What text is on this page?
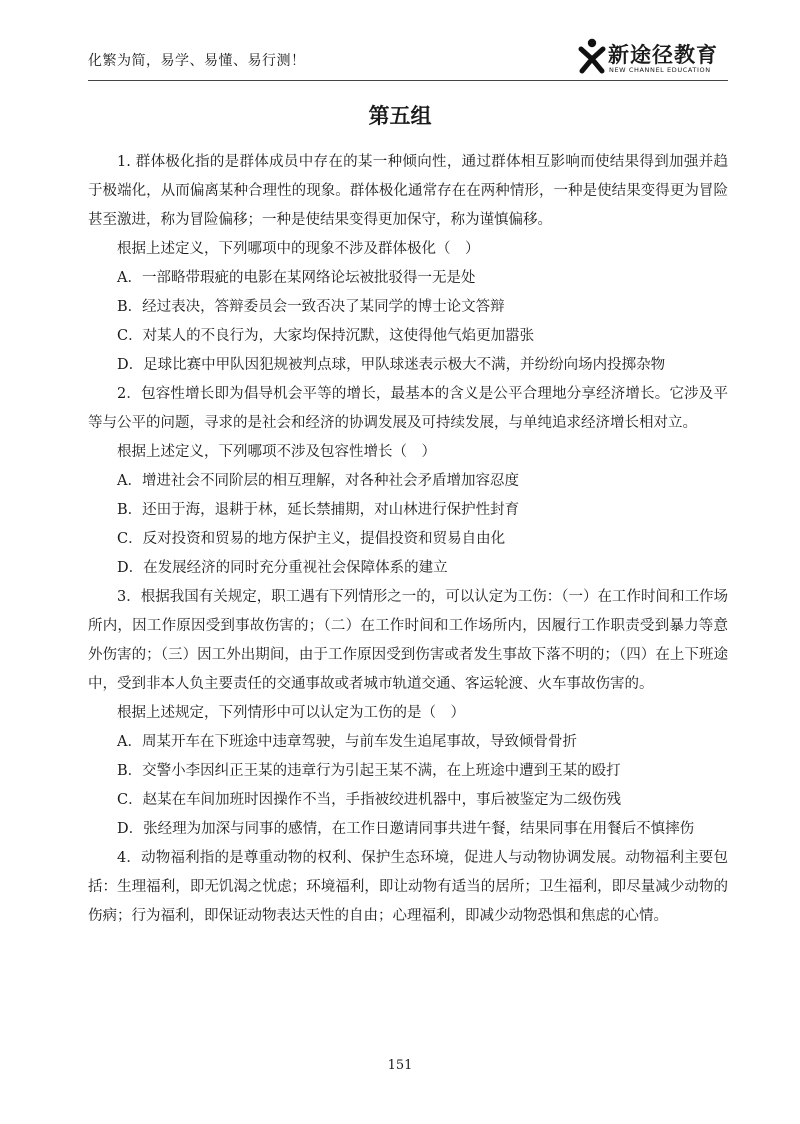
化繁为简，易学、易懂、易行测！	新途径教育
NEW CHANNEL EDUCATION
第五组

1. 群体极化指的是群体成员中存在的某一种倾向性，通过群体相互影响而使结果得到加强并趋于极端化，从而偏离某种合理性的现象。群体极化通常存在在两种情形，一种是使结果变得更为冒险甚至激进，称为冒险偏移；一种是使结果变得更加保守，称为谨慎偏移。

根据上述定义，下列哪项中的现象不涉及群体极化（　）

A．一部略带瑕疵的电影在某网络论坛被批驳得一无是处

B．经过表决，答辩委员会一致否决了某同学的博士论文答辩

C．对某人的不良行为，大家均保持沉默，这使得他气焰更加嚣张

D．足球比赛中甲队因犯规被判点球，甲队球迷表示极大不满，并纷纷向场内投掷杂物

2．包容性增长即为倡导机会平等的增长，最基本的含义是公平合理地分享经济增长。它涉及平等与公平的问题，寻求的是社会和经济的协调发展及可持续发展，与单纯追求经济增长相对立。

根据上述定义，下列哪项不涉及包容性增长（　）

A．增进社会不同阶层的相互理解，对各种社会矛盾增加容忍度

B．还田于海，退耕于林，延长禁捕期，对山林进行保护性封育

C．反对投资和贸易的地方保护主义，提倡投资和贸易自由化

D．在发展经济的同时充分重视社会保障体系的建立

3．根据我国有关规定，职工遇有下列情形之一的，可以认定为工伤：（一）在工作时间和工作场所内，因工作原因受到事故伤害的；（二）在工作时间和工作场所内，因履行工作职责受到暴力等意外伤害的；（三）因工外出期间，由于工作原因受到伤害或者发生事故下落不明的；（四）在上下班途中，受到非本人负主要责任的交通事故或者城市轨道交通、客运轮渡、火车事故伤害的。

根据上述规定，下列情形中可以认定为工伤的是（　）

A．周某开车在下班途中违章驾驶，与前车发生追尾事故，导致倾骨骨折

B．交警小李因纠正王某的违章行为引起王某不满，在上班途中遭到王某的殴打

C．赵某在车间加班时因操作不当，手指被绞进机器中，事后被鉴定为二级伤残

D．张经理为加深与同事的感情，在工作日邀请同事共进午餐，结果同事在用餐后不慎摔伤

4．动物福利指的是尊重动物的权利、保护生态环境，促进人与动物协调发展。动物福利主要包括：生理福利，即无饥渴之忧虑；环境福利，即让动物有适当的居所；卫生福利，即尽量减少动物的伤病；行为福利，即保证动物表达天性的自由；心理福利，即减少动物恐惧和焦虑的心情。

151
